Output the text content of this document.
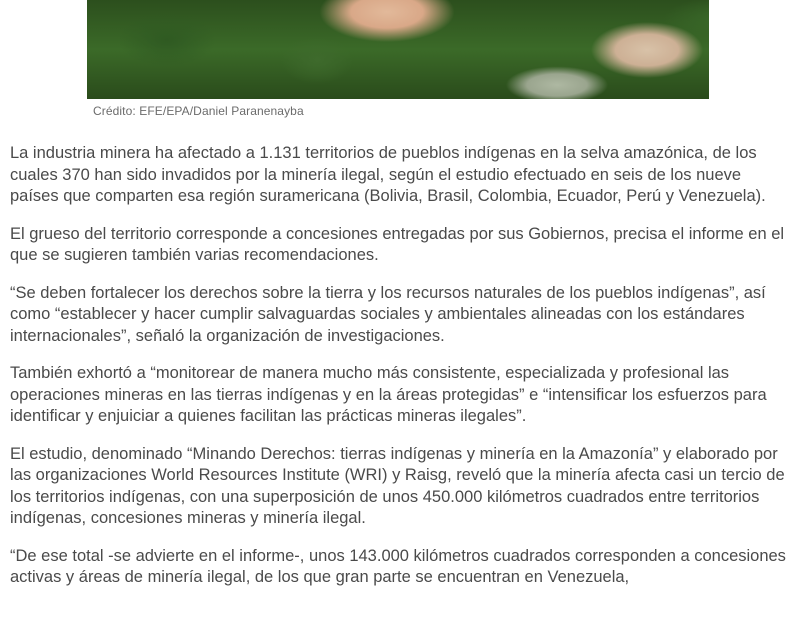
Crédito: EFE/EPA/Daniel Paranenayba

La industria minera ha afectado a 1.131 territorios de pueblos indígenas en la selva amazónica, de los cuales 370 han sido invadidos por la minería ilegal, según el estudio efectuado en seis de los nueve países que comparten esa región suramericana (Bolivia, Brasil, Colombia, Ecuador, Perú y Venezuela).

El grueso del territorio corresponde a concesiones entregadas por sus Gobiernos, precisa el informe en el que se sugieren también varias recomendaciones.

“Se deben fortalecer los derechos sobre la tierra y los recursos naturales de los pueblos indígenas”, así como “establecer y hacer cumplir salvaguardas sociales y ambientales alineadas con los estándares internacionales”, señaló la organización de investigaciones.

También exhortó a “monitorear de manera mucho más consistente, especializada y profesional las operaciones mineras en las tierras indígenas y en la áreas protegidas” e “intensificar los esfuerzos para identificar y enjuiciar a quienes facilitan las prácticas mineras ilegales”.

El estudio, denominado “Minando Derechos: tierras indígenas y minería en la Amazonía” y elaborado por las organizaciones World Resources Institute (WRI) y Raisg, reveló que la minería afecta casi un tercio de los territorios indígenas, con una superposición de unos 450.000 kilómetros cuadrados entre territorios indígenas, concesiones mineras y minería ilegal.

“De ese total -se advierte en el informe-, unos 143.000 kilómetros cuadrados corresponden a concesiones activas y áreas de minería ilegal, de los que gran parte se encuentran en Venezuela,
